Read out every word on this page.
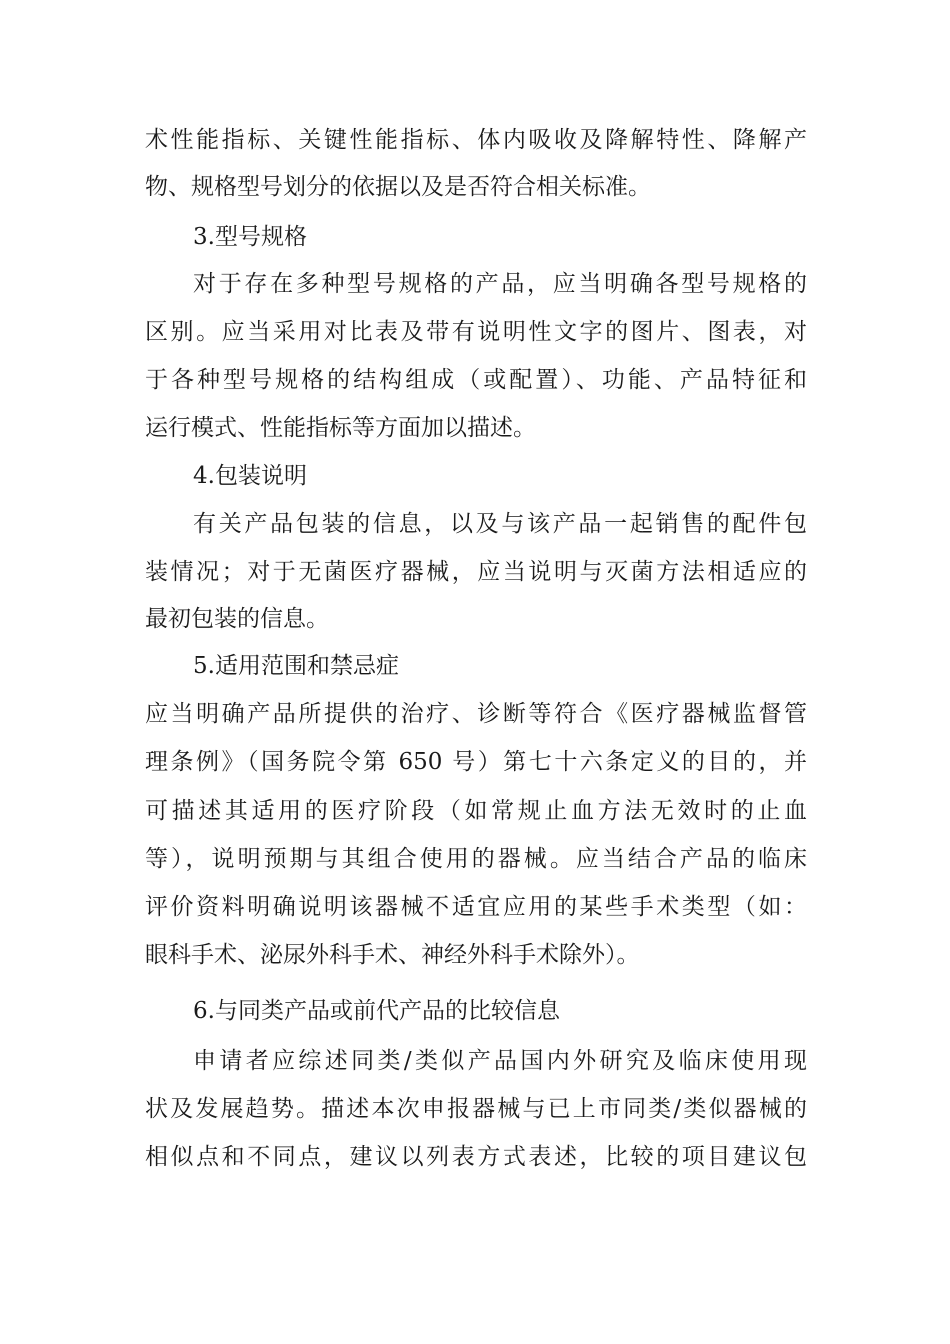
术性能指标、关键性能指标、体内吸收及降解特性、降解产
物、规格型号划分的依据以及是否符合相关标准。
3.型号规格
对于存在多种型号规格的产品，应当明确各型号规格的
区别。应当采用对比表及带有说明性文字的图片、图表，对
于各种型号规格的结构组成（或配置）、功能、产品特征和
运行模式、性能指标等方面加以描述。
4.包装说明
有关产品包装的信息，以及与该产品一起销售的配件包
装情况；对于无菌医疗器械，应当说明与灭菌方法相适应的
最初包装的信息。
5.适用范围和禁忌症
应当明确产品所提供的治疗、诊断等符合《医疗器械监督管
理条例》（国务院令第 650 号）第七十六条定义的目的，并
可描述其适用的医疗阶段（如常规止血方法无效时的止血
等），说明预期与其组合使用的器械。应当结合产品的临床
评价资料明确说明该器械不适宜应用的某些手术类型（如：
眼科手术、泌尿外科手术、神经外科手术除外）。
6.与同类产品或前代产品的比较信息
申请者应综述同类/类似产品国内外研究及临床使用现
状及发展趋势。描述本次申报器械与已上市同类/类似器械的
相似点和不同点，建议以列表方式表述，比较的项目建议包
